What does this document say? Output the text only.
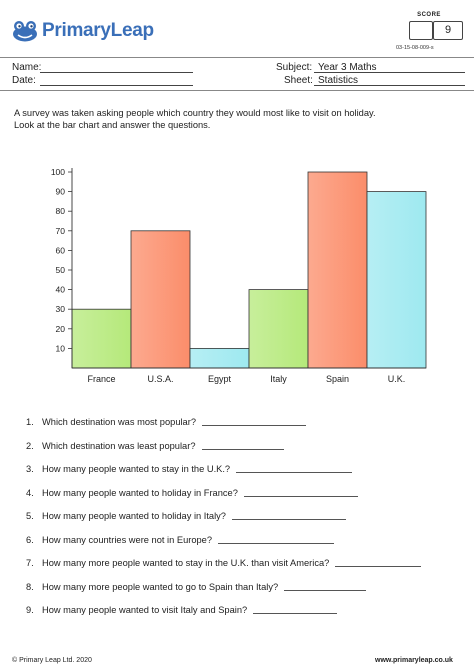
PrimaryLeap
SCORE
9
03-15-08-009-s
Name:
Date:
Subject: Year 3 Maths
Sheet: Statistics
A survey was taken asking people which country they would most like to visit on holiday.
Look at the bar chart and answer the questions.
10
20
30
40
50
60
70
80
90
100
France	U.S.A.	Egypt	Italy	Spain	U.K.
1. Which destination was most popular?
2. Which destination was least popular?
3. How many people wanted to stay in the U.K.?
4. How many people wanted to holiday in France?
5. How many people wanted to holiday in Italy?
6. How many countries were not in Europe?
7. How many more people wanted to stay in the U.K. than visit America?
8. How many more people wanted to go to Spain than Italy?
9. How many people wanted to visit Italy and Spain?
© Primary Leap Ltd. 2020	www.primaryleap.co.uk
